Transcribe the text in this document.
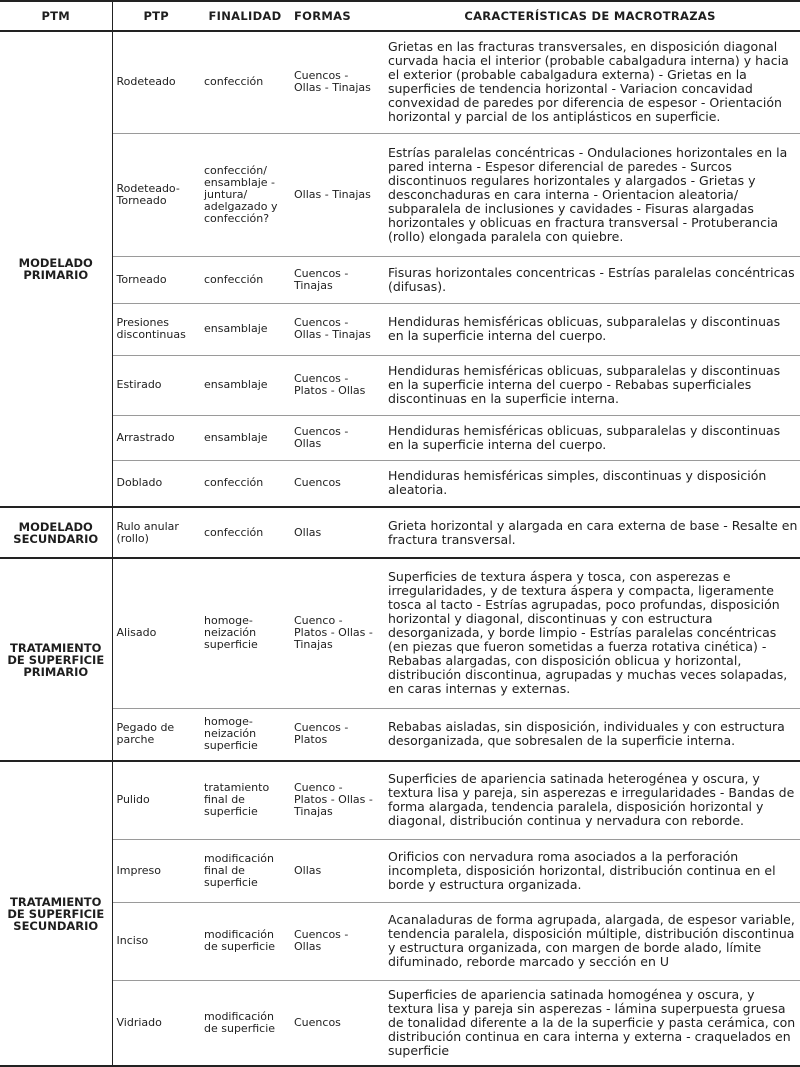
PTM	PTP	FINALIDAD	FORMAS	CARACTERÍSTICAS DE MACROTRAZAS
MODELADO PRIMARIO	Rodeteado	confección	Cuencos - Ollas - Tinajas	Grietas en las fracturas transversales, en disposición diagonal curvada hacia el interior (probable cabalgadura interna) y hacia el exterior (probable cabalgadura externa) - Grietas en la superficies de tendencia horizontal - Variacion concavidad convexidad de paredes por diferencia de espesor - Orientación horizontal y parcial de los antiplásticos en superficie.
	Rodeteado-Torneado	confección/ ensamblaje -juntura/ adelgazado y confección?	Ollas - Tinajas	Estrías paralelas concéntricas - Ondulaciones horizontales en la pared interna - Espesor diferencial de paredes - Surcos discontinuos regulares horizontales y alargados - Grietas y desconchaduras en cara interna - Orientacion aleatoria/ subparalela de inclusiones y cavidades - Fisuras alargadas horizontales y oblicuas en fractura transversal - Protuberancia (rollo) elongada paralela con quiebre.
	Torneado	confección	Cuencos - Tinajas	Fisuras horizontales concentricas - Estrías paralelas concéntricas (difusas).
	Presiones discontinuas	ensamblaje	Cuencos - Ollas - Tinajas	Hendiduras hemisféricas oblicuas, subparalelas y discontinuas en la superficie interna del cuerpo.
	Estirado	ensamblaje	Cuencos - Platos - Ollas	Hendiduras hemisféricas oblicuas, subparalelas y discontinuas en la superficie interna del cuerpo - Rebabas superficiales discontinuas en la superficie interna.
	Arrastrado	ensamblaje	Cuencos - Ollas	Hendiduras hemisféricas oblicuas, subparalelas y discontinuas en la superficie interna del cuerpo.
	Doblado	confección	Cuencos	Hendiduras hemisféricas simples, discontinuas y disposición aleatoria.
MODELADO SECUNDARIO	Rulo anular (rollo)	confección	Ollas	Grieta horizontal y alargada en cara externa de base - Resalte en fractura transversal.
TRATAMIENTO DE SUPERFICIE PRIMARIO	Alisado	homoge-neización superficie	Cuenco - Platos - Ollas - Tinajas	Superficies de textura áspera y tosca, con asperezas e irregularidades, y de textura áspera y compacta, ligeramente tosca al tacto - Estrías agrupadas, poco profundas, disposición horizontal y diagonal, discontinuas y con estructura desorganizada, y borde limpio - Estrías paralelas concéntricas (en piezas que fueron sometidas a fuerza rotativa cinética) - Rebabas alargadas, con disposición oblicua y horizontal, distribución discontinua, agrupadas y muchas veces solapadas, en caras internas y externas.
	Pegado de parche	homoge-neización superficie	Cuencos - Platos	Rebabas aisladas, sin disposición, individuales y con estructura desorganizada, que sobresalen de la superficie interna.
TRATAMIENTO DE SUPERFICIE SECUNDARIO	Pulido	tratamiento final de superficie	Cuenco - Platos - Ollas - Tinajas	Superficies de apariencia satinada heterogénea y oscura, y textura lisa y pareja, sin asperezas e irregularidades - Bandas de forma alargada, tendencia paralela, disposición horizontal y diagonal, distribución continua y nervadura con reborde.
	Impreso	modificación final de superficie	Ollas	Orificios con nervadura roma asociados a la perforación incompleta, disposición horizontal, distribución continua en el borde y estructura organizada.
	Inciso	modificación de superficie	Cuencos - Ollas	Acanaladuras de forma agrupada, alargada, de espesor variable, tendencia paralela, disposición múltiple, distribución discontinua y estructura organizada, con margen de borde alado, límite difuminado, reborde marcado y sección en U
	Vidriado	modificación de superficie	Cuencos	Superficies de apariencia satinada homogénea y oscura, y textura lisa y pareja sin asperezas - lámina superpuesta gruesa de tonalidad diferente a la de la superficie y pasta cerámica, con distribución continua en cara interna y externa - craquelados en superficie
